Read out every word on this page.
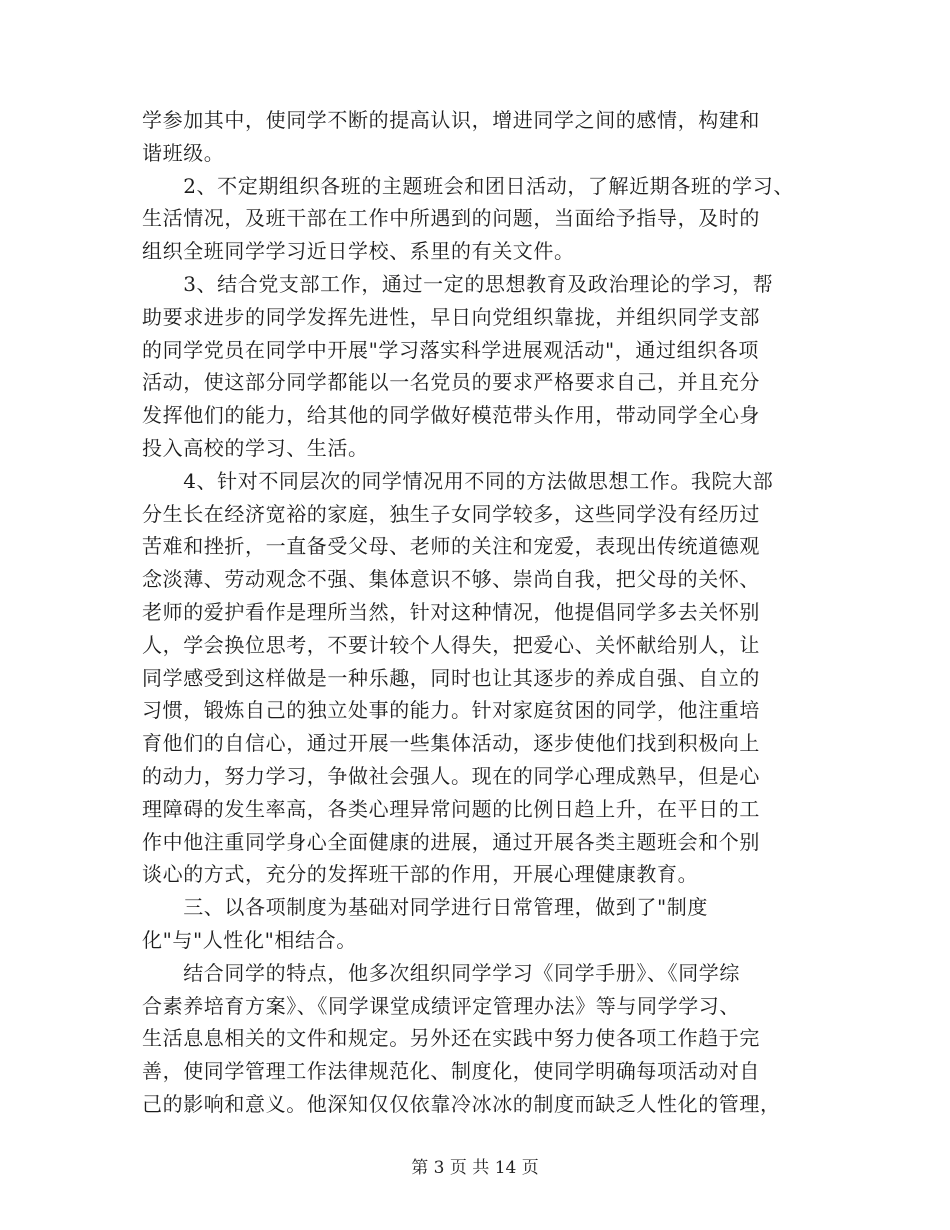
学参加其中，使同学不断的提高认识，增进同学之间的感情，构建和

谐班级。

　　2、不定期组织各班的主题班会和团日活动，了解近期各班的学习、

生活情况，及班干部在工作中所遇到的问题，当面给予指导，及时的

组织全班同学学习近日学校、系里的有关文件。

　　3、结合党支部工作，通过一定的思想教育及政治理论的学习，帮

助要求进步的同学发挥先进性，早日向党组织靠拢，并组织同学支部

的同学党员在同学中开展"学习落实科学进展观活动"，通过组织各项

活动，使这部分同学都能以一名党员的要求严格要求自己，并且充分

发挥他们的能力，给其他的同学做好模范带头作用，带动同学全心身

投入高校的学习、生活。

　　4、针对不同层次的同学情况用不同的方法做思想工作。我院大部

分生长在经济宽裕的家庭，独生子女同学较多，这些同学没有经历过

苦难和挫折，一直备受父母、老师的关注和宠爱，表现出传统道德观

念淡薄、劳动观念不强、集体意识不够、崇尚自我，把父母的关怀、

老师的爱护看作是理所当然，针对这种情况，他提倡同学多去关怀别

人，学会换位思考，不要计较个人得失，把爱心、关怀献给别人，让

同学感受到这样做是一种乐趣，同时也让其逐步的养成自强、自立的

习惯，锻炼自己的独立处事的能力。针对家庭贫困的同学，他注重培

育他们的自信心，通过开展一些集体活动，逐步使他们找到积极向上

的动力，努力学习，争做社会强人。现在的同学心理成熟早，但是心

理障碍的发生率高，各类心理异常问题的比例日趋上升，在平日的工

作中他注重同学身心全面健康的进展，通过开展各类主题班会和个别

谈心的方式，充分的发挥班干部的作用，开展心理健康教育。

　　三、以各项制度为基础对同学进行日常管理，做到了"制度

化"与"人性化"相结合。

　　结合同学的特点，他多次组织同学学习《同学手册》、《同学综

合素养培育方案》、《同学课堂成绩评定管理办法》等与同学学习、

生活息息相关的文件和规定。另外还在实践中努力使各项工作趋于完

善，使同学管理工作法律规范化、制度化，使同学明确每项活动对自

己的影响和意义。他深知仅仅依靠冷冰冰的制度而缺乏人性化的管理，

第 3 页 共 14 页
